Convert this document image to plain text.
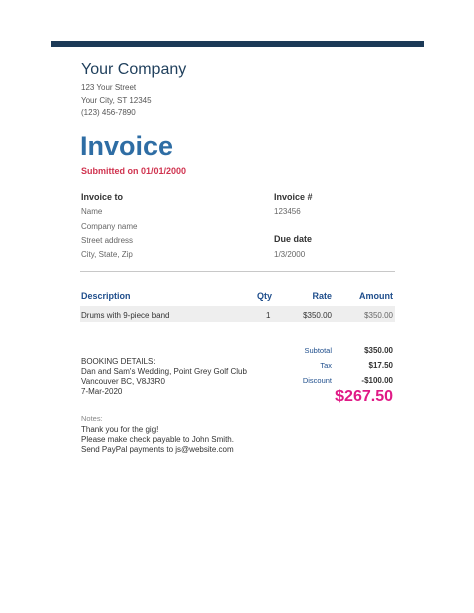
Your Company
123 Your Street
Your City, ST 12345
(123) 456-7890
Invoice
Submitted on 01/01/2000
Invoice to
Name
Company name
Street address
City, State, Zip
Invoice #
123456
Due date
1/3/2000
Description	Qty	Rate	Amount
Drums with 9-piece band	1	$350.00	$350.00
Subtotal	$350.00
Tax	$17.50
Discount	-$100.00
$267.50
BOOKING DETAILS:
Dan and Sam's Wedding, Point Grey Golf Club
Vancouver BC, V8J3R0
7-Mar-2020
Notes:
Thank you for the gig!
Please make check payable to John Smith.
Send PayPal payments to js@website.com
